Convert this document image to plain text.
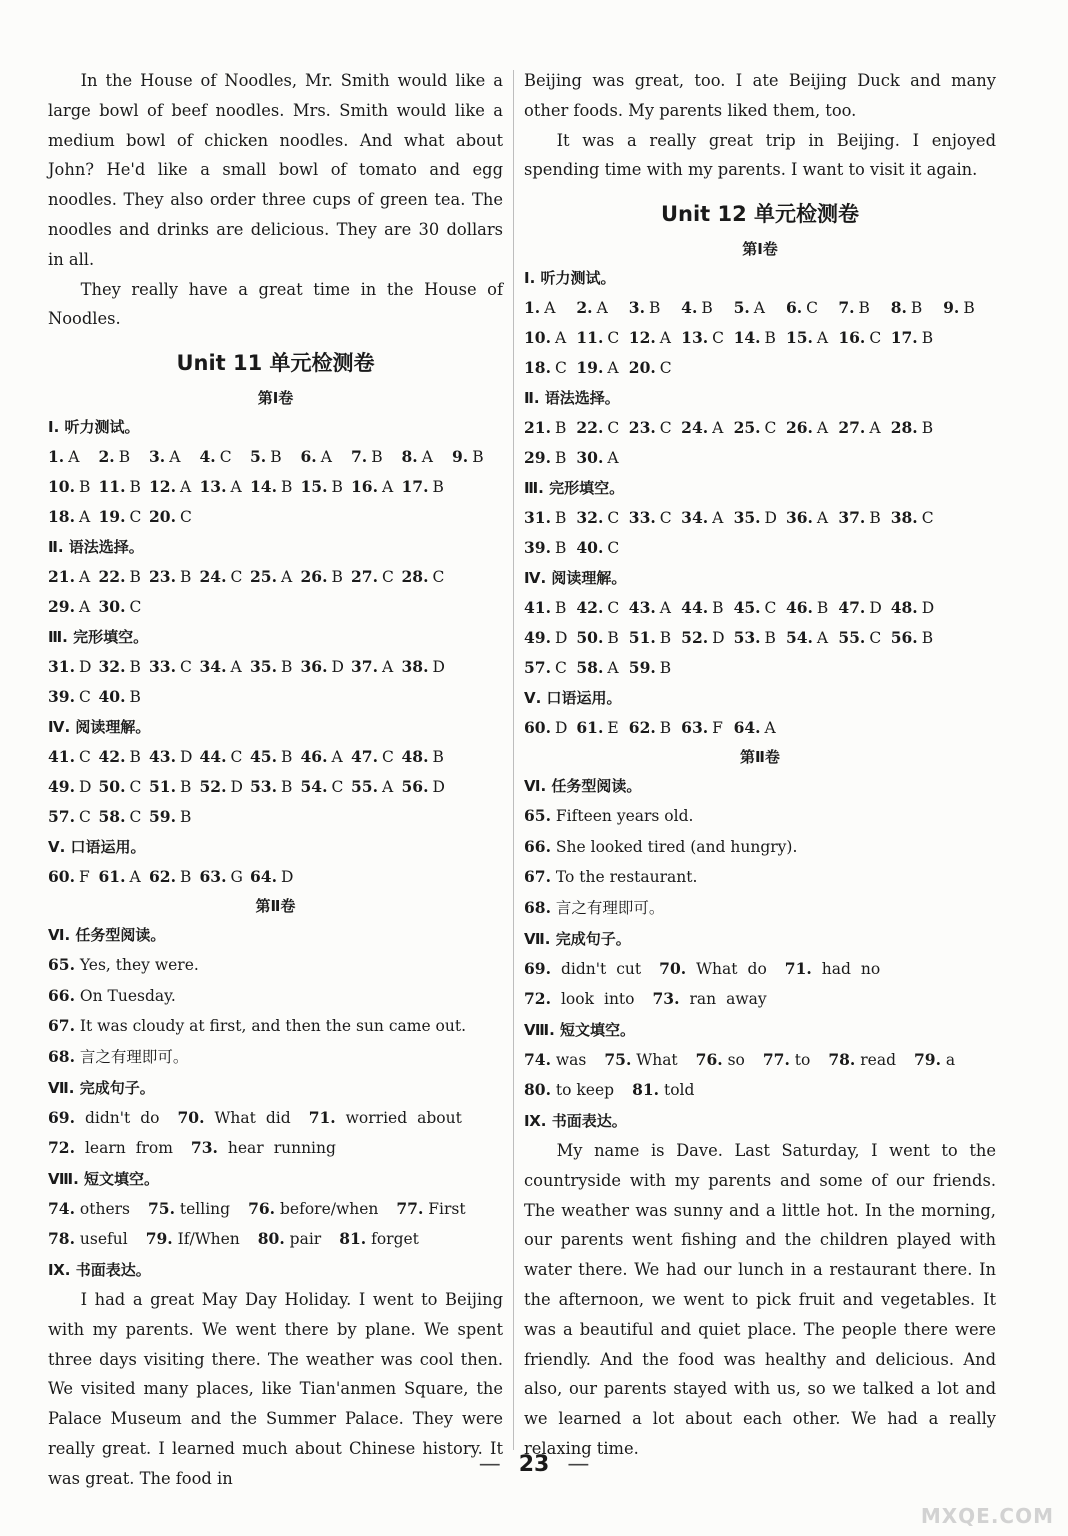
In the House of Noodles, Mr. Smith would like a large bowl of beef noodles. Mrs. Smith would like a medium bowl of chicken noodles. And what about John? He'd like a small bowl of tomato and egg noodles. They also order three cups of green tea. The noodles and drinks are delicious. They are 30 dollars in all.

They really have a great time in the House of Noodles.

Unit 11 单元检测卷
第Ⅰ卷
Ⅰ. 听力测试。
1. A	2. B	3. A	4. C	5. B	6. A	7. B	8. A	9. B
10. B 11. B 12. A 13. A 14. B 15. B 16. A 17. B
18. A 19. C 20. C
Ⅱ. 语法选择。
21. A 22. B 23. B 24. C 25. A 26. B 27. C 28. C
29. A 30. C
Ⅲ. 完形填空。
31. D 32. B 33. C 34. A 35. B 36. D 37. A 38. D
39. C 40. B
Ⅳ. 阅读理解。
41. C 42. B 43. D 44. C 45. B 46. A 47. C 48. B
49. D 50. C 51. B 52. D 53. B 54. C 55. A 56. D
57. C 58. C 59. B
Ⅴ. 口语运用。
60. F 61. A 62. B 63. G 64. D
第Ⅱ卷
Ⅵ. 任务型阅读。
65. Yes, they were.
66. On Tuesday.
67. It was cloudy at first, and then the sun came out.
68. 言之有理即可。
Ⅶ. 完成句子。
69. didn't do 70. What did 71. worried about
72. learn from 73. hear running
Ⅷ. 短文填空。
74. others 75. telling 76. before/when 77. First
78. useful 79. If/When 80. pair 81. forget
Ⅸ. 书面表达。

I had a great May Day Holiday. I went to Beijing with my parents. We went there by plane. We spent three days visiting there. The weather was cool then. We visited many places, like Tian'anmen Square, the Palace Museum and the Summer Palace. They were really great. I learned much about Chinese history. It was great. The food in

Beijing was great, too. I ate Beijing Duck and many other foods. My parents liked them, too.

It was a really great trip in Beijing. I enjoyed spending time with my parents. I want to visit it again.

Unit 12 单元检测卷
第Ⅰ卷
Ⅰ. 听力测试。
1. A	2. A	3. B	4. B	5. A	6. C	7. B	8. B	9. B
10. A 11. C 12. A 13. C 14. B 15. A 16. C 17. B
18. C 19. A 20. C
Ⅱ. 语法选择。
21. B 22. C 23. C 24. A 25. C 26. A 27. A 28. B
29. B 30. A
Ⅲ. 完形填空。
31. B 32. C 33. C 34. A 35. D 36. A 37. B 38. C
39. B 40. C
Ⅳ. 阅读理解。
41. B 42. C 43. A 44. B 45. C 46. B 47. D 48. D
49. D 50. B 51. B 52. D 53. B 54. A 55. C 56. B
57. C 58. A 59. B
Ⅴ. 口语运用。
60. D 61. E 62. B 63. F 64. A
第Ⅱ卷
Ⅵ. 任务型阅读。
65. Fifteen years old.
66. She looked tired (and hungry).
67. To the restaurant.
68. 言之有理即可。
Ⅶ. 完成句子。
69. didn't cut 70. What do 71. had no
72. look into 73. ran away
Ⅷ. 短文填空。
74. was 75. What 76. so 77. to 78. read 79. a
80. to keep 81. told
Ⅸ. 书面表达。

My name is Dave. Last Saturday, I went to the countryside with my parents and some of our friends. The weather was sunny and a little hot. In the morning, our parents went fishing and the children played with water there. We had our lunch in a restaurant there. In the afternoon, we went to pick fruit and vegetables. It was a beautiful and quiet place. The people there were friendly. And the food was healthy and delicious. And also, our parents stayed with us, so we talked a lot and we learned a lot about each other. We had a really relaxing time.

— 23 —
MXQE.COM
